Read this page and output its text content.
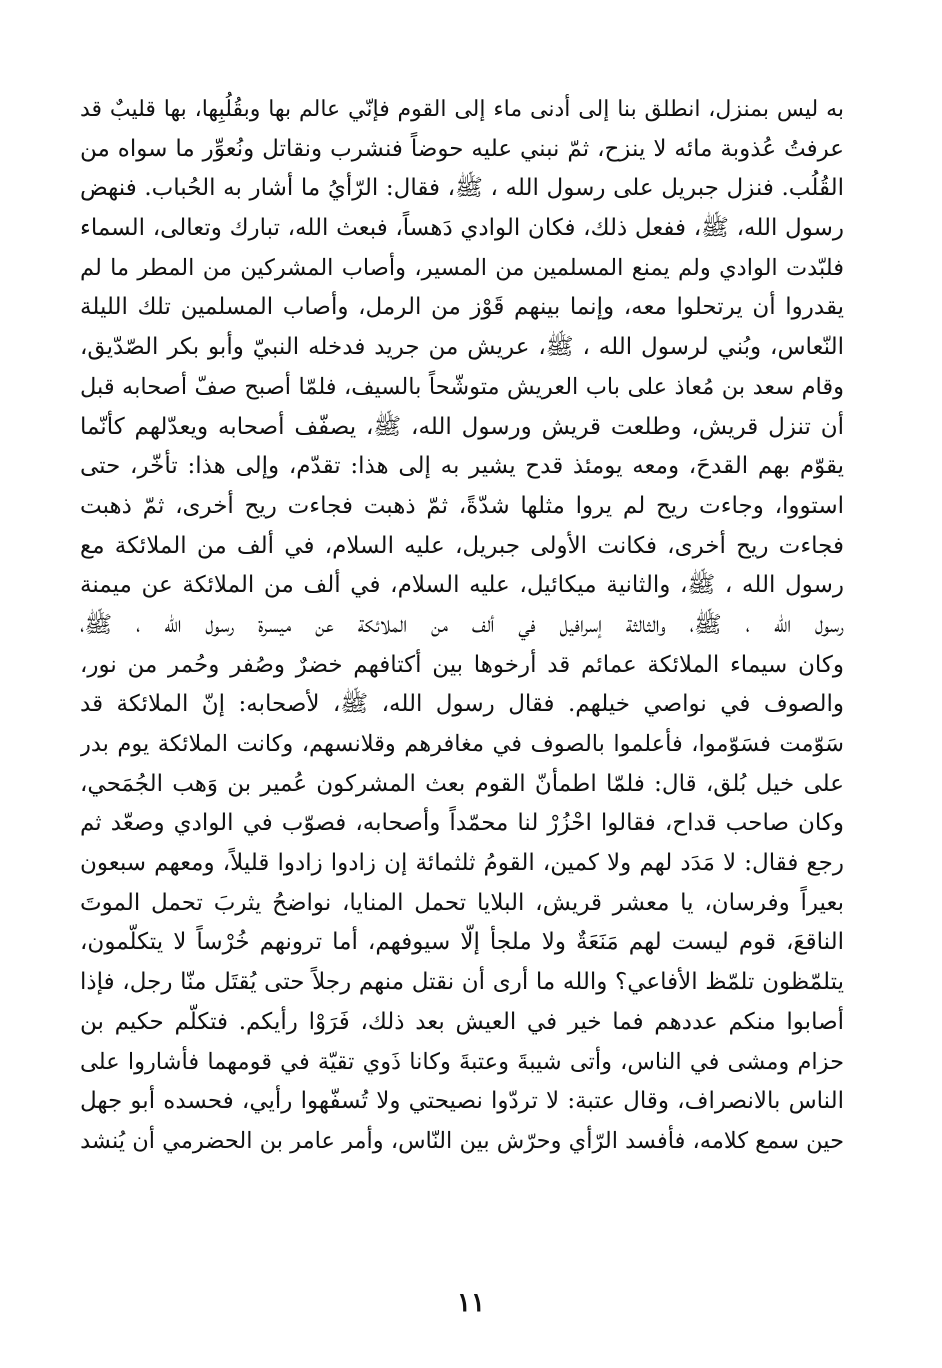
به ليس بمنزل، انطلق بنا إلى أدنى ماء إلى القوم فإنّي عالم بها وبقُلُبِها، بها قليبٌ قد
عرفتُ عُذوبة مائه لا ينزح، ثمّ نبني عليه حوضاً فنشرب ونقاتل ونُعوِّر ما سواه من
القُلُب. فنزل جبريل على رسول الله ، ﷺ، فقال: الرّأيُ ما أشار به الحُباب. فنهض
رسول الله، ﷺ، ففعل ذلك، فكان الوادي دَهساً، فبعث الله، تبارك وتعالى، السماء
فلبّدت الوادي ولم يمنع المسلمين من المسير، وأصاب المشركين من المطر ما لم
يقدروا أن يرتحلوا معه، وإنما بينهم قَوْز من الرمل، وأصاب المسلمين تلك الليلة
النّعاس، وبُني لرسول الله ، ﷺ، عريش من جريد فدخله النبيّ وأبو بكر الصّدّيق،
وقام سعد بن مُعاذ على باب العريش متوشّحاً بالسيف، فلمّا أصبح صفّ أصحابه قبل
أن تنزل قريش، وطلعت قريش ورسول الله، ﷺ، يصفّف أصحابه ويعدّلهم كأنّما
يقوّم بهم القدحَ، ومعه يومئذ قدح يشير به إلى هذا: تقدّم، وإلى هذا: تأخّر، حتى
استووا، وجاءت ريح لم يروا مثلها شدّةً، ثمّ ذهبت فجاءت ريح أخرى، ثمّ ذهبت
فجاءت ريح أخرى، فكانت الأولى جبريل، عليه السلام، في ألف من الملائكة مع
رسول الله ، ﷺ، والثانية ميكائيل، عليه السلام، في ألف من الملائكة عن ميمنة
رسول الله ، ﷺ، والثالثة إسرافيل في ألف من الملائكة عن ميسرة رسول الله ، ﷺ،
وكان سيماء الملائكة عمائم قد أرخوها بين أكتافهم خضرٌ وصُفر وحُمر من نور،
والصوف في نواصي خيلهم. فقال رسول الله، ﷺ، لأصحابه: إنّ الملائكة قد
سَوّمت فسَوّموا، فأعلموا بالصوف في مغافرهم وقلانسهم، وكانت الملائكة يوم بدر
على خيل بُلق، قال: فلمّا اطمأنّ القوم بعث المشركون عُمير بن وَهب الجُمَحي،
وكان صاحب قداح، فقالوا احْزُرْ لنا محمّداً وأصحابه، فصوّب في الوادي وصعّد ثم
رجع فقال: لا مَدَد لهم ولا كمين، القومُ ثلثمائة إن زادوا زادوا قليلاً، ومعهم سبعون
بعيراً وفرسان، يا معشر قريش، البلايا تحمل المنايا، نواضحُ يثربَ تحمل الموتَ
الناقعَ، قوم ليست لهم مَنَعَةٌ ولا ملجأ إلّا سيوفهم، أما ترونهم خُرْساً لا يتكلّمون،
يتلمّظون تلمّظ الأفاعي؟ والله ما أرى أن نقتل منهم رجلاً حتى يُقتَل منّا رجل، فإذا
أصابوا منكم عددهم فما خير في العيش بعد ذلك، فَرَوْا رأيكم. فتكلّم حكيم بن
حزام ومشى في الناس، وأتى شيبةَ وعتبةَ وكانا ذَوي تقيّة في قومهما فأشاروا على
الناس بالانصراف، وقال عتبة: لا تردّوا نصيحتي ولا تُسفّهوا رأيي، فحسده أبو جهل
حين سمع كلامه، فأفسد الرّأي وحرّش بين النّاس، وأمر عامر بن الحضرمي أن يُنشد
١١
